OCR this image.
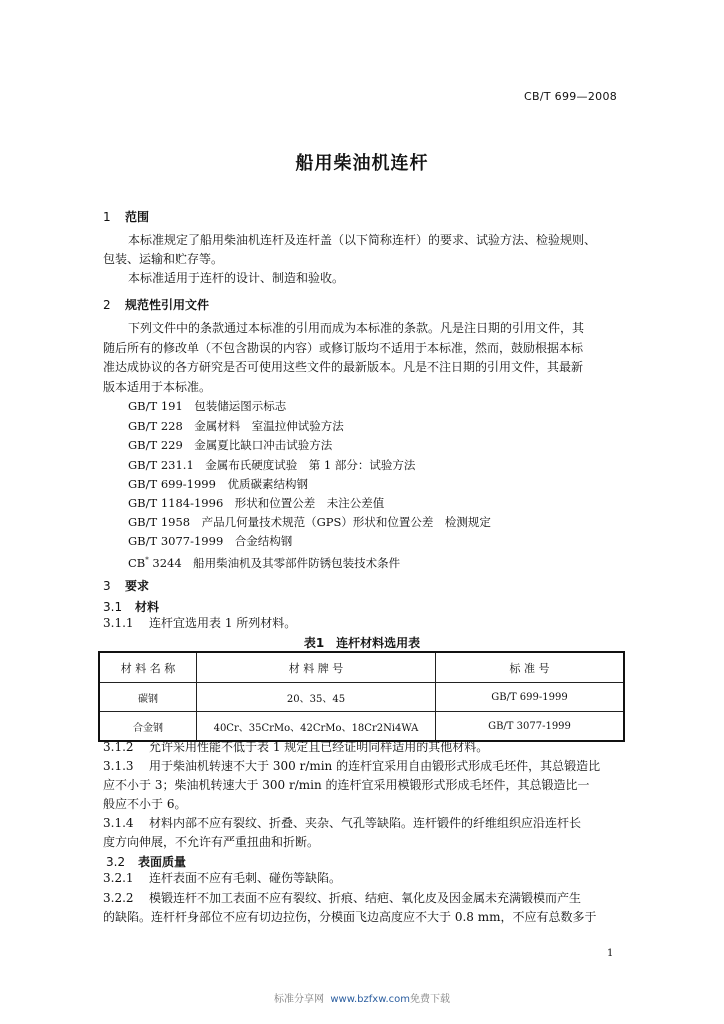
CB/T 699—2008
船用柴油机连杆
1 范围
本标准规定了船用柴油机连杆及连杆盖（以下简称连杆）的要求、试验方法、检验规则、
包装、运输和贮存等。
本标准适用于连杆的设计、制造和验收。
2 规范性引用文件
下列文件中的条款通过本标准的引用而成为本标准的条款。凡是注日期的引用文件，其
随后所有的修改单（不包含勘误的内容）或修订版均不适用于本标准，然而，鼓励根据本标
准达成协议的各方研究是否可使用这些文件的最新版本。凡是不注日期的引用文件，其最新
版本适用于本标准。
GB/T 191　包装储运图示标志
GB/T 228　金属材料　室温拉伸试验方法
GB/T 229　金属夏比缺口冲击试验方法
GB/T 231.1　金属布氏硬度试验　第 1 部分：试验方法
GB/T 699-1999　优质碳素结构钢
GB/T 1184-1996　形状和位置公差　未注公差值
GB/T 1958　产品几何量技术规范（GPS）形状和位置公差　检测规定
GB/T 3077-1999　合金结构钢
CB* 3244　船用柴油机及其零部件防锈包装技术条件
3 要求
3.1 材料
3.1.1 连杆宜选用表 1 所列材料。
表1　连杆材料选用表
材 料 名 称	材 料 牌 号	标 准 号
碳钢	20、35、45	GB/T 699-1999
合金钢	40Cr、35CrMo、42CrMo、18Cr2Ni4WA	GB/T 3077-1999
3.1.2 允许采用性能不低于表 1 规定且已经证明同样适用的其他材料。
3.1.3 用于柴油机转速不大于 300 r/min 的连杆宜采用自由锻形式形成毛坯件，其总锻造比
应不小于 3；柴油机转速大于 300 r/min 的连杆宜采用模锻形式形成毛坯件，其总锻造比一
般应不小于 6。
3.1.4 材料内部不应有裂纹、折叠、夹杂、气孔等缺陷。连杆锻件的纤维组织应沿连杆长
度方向伸展，不允许有严重扭曲和折断。
3.2 表面质量
3.2.1 连杆表面不应有毛刺、碰伤等缺陷。
3.2.2 模锻连杆不加工表面不应有裂纹、折痕、结疤、氧化皮及因金属未充满锻模而产生
的缺陷。连杆杆身部位不应有切边拉伤，分模面飞边高度应不大于 0.8 mm，不应有总数多于
1
标准分享网 www.bzfxw.com免费下载
